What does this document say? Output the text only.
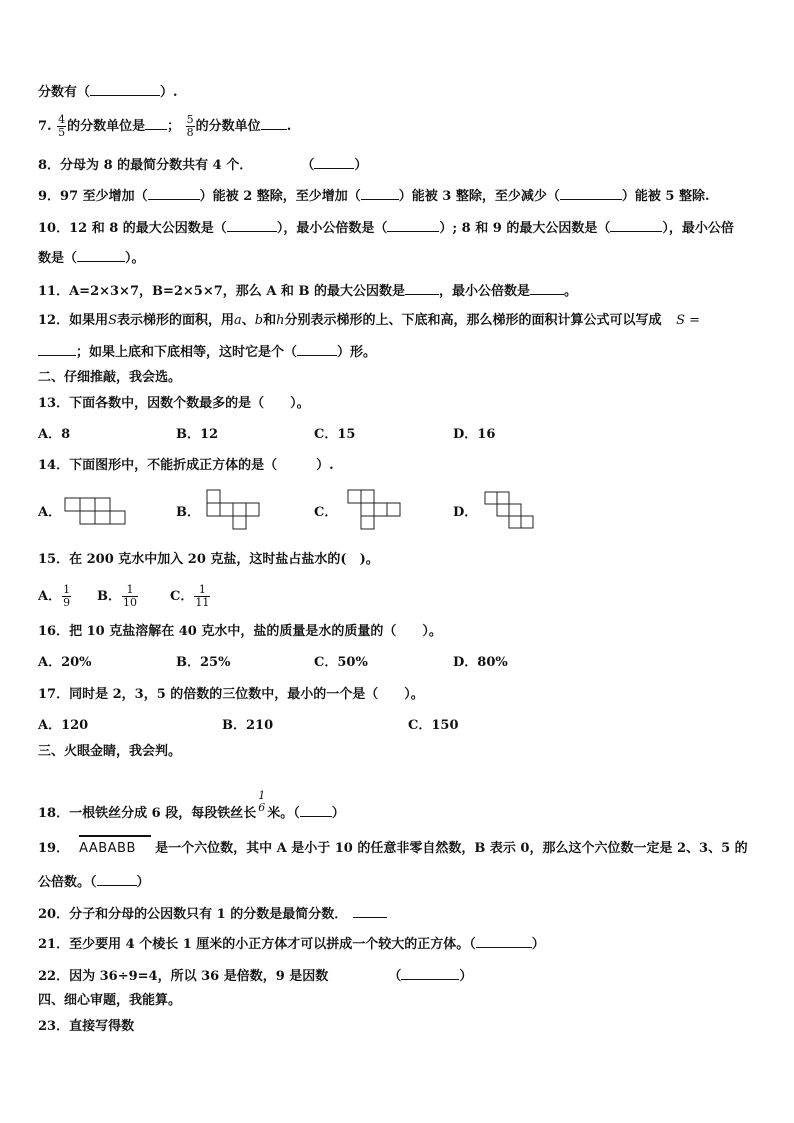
分数有（	）.
7. $\frac{4}{5}$ 的分数单位是 ； $\frac{5}{8}$ 的分数单位 .
8．分母为 8 的最简分数共有 4 个．	（	）
9．97 至少增加（	）能被 2 整除，至少增加（	）能被 3 整除，至少减少（	）能被 5 整除.
10．12 和 8 的最大公因数是（	），最小公倍数是（	）; 8 和 9 的最大公因数是（	），最小公倍
数是（	）。
11．A=2×3×7，B=2×5×7，那么 A 和 B 的最大公因数是	，最小公倍数是	。
12．如果用S表示梯形的面积，用a、b和h分别表示梯形的上、下底和高，那么梯形的面积计算公式可以写成 S =
；如果上底和下底相等，这时它是个（	）形。
二、仔细推敲，我会选。
13．下面各数中，因数个数最多的是（　　）。
A．8	B．12	C．15	D．16
14．下面图形中，不能折成正方体的是（　　　）.
A．	B．	C．	D．
15．在 200 克水中加入 20 克盐，这时盐占盐水的(　)。
A． $\frac{1}{9}$ B． $\frac{1}{10}$ C． $\frac{1}{11}$
16．把 10 克盐溶解在 40 克水中，盐的质量是水的质量的（　　）。
A．20%	B．25%	C．50%	D．80%
17．同时是 2，3，5 的倍数的三位数中，最小的一个是（　　）。
A．120	B．210	C．150
三、火眼金睛，我会判。
18．一根铁丝分成 6 段，每段铁丝长
1
6 米。（ ）
19． AABABB 是一个六位数，其中 A 是小于 10 的任意非零自然数，B 表示 0，那么这个六位数一定是 2、3、5 的
公倍数。（	）
20．分子和分母的公因数只有 1 的分数是最简分数．
21．至少要用 4 个棱长 1 厘米的小正方体才可以拼成一个较大的正方体。（	）
22．因为 36÷9=4，所以 36 是倍数，9 是因数	（	）
四、细心审题，我能算。
23．直接写得数
